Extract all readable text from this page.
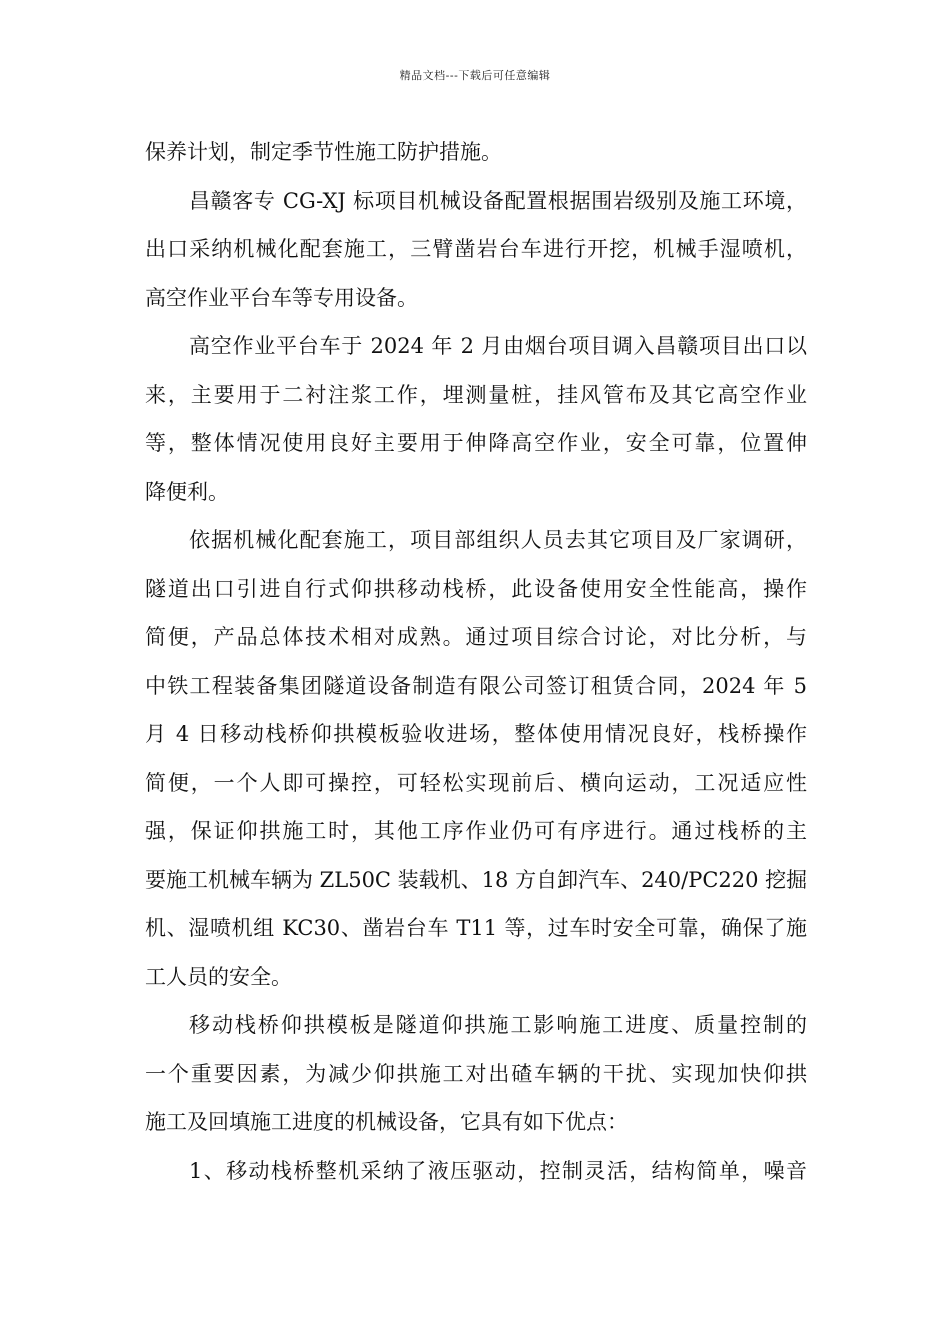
精品文档---下载后可任意编辑
保养计划，制定季节性施工防护措施。
昌赣客专 CG-XJ 标项目机械设备配置根据围岩级别及施工环境，
出口采纳机械化配套施工，三臂凿岩台车进行开挖，机械手湿喷机，
高空作业平台车等专用设备。
高空作业平台车于 2024 年 2 月由烟台项目调入昌赣项目出口以
来，主要用于二衬注浆工作，埋测量桩，挂风管布及其它高空作业
等，整体情况使用良好主要用于伸降高空作业，安全可靠，位置伸
降便利。
依据机械化配套施工，项目部组织人员去其它项目及厂家调研，
隧道出口引进自行式仰拱移动栈桥，此设备使用安全性能高，操作
简便，产品总体技术相对成熟。通过项目综合讨论，对比分析，与
中铁工程装备集团隧道设备制造有限公司签订租赁合同，2024 年 5
月 4 日移动栈桥仰拱模板验收进场，整体使用情况良好，栈桥操作
简便，一个人即可操控，可轻松实现前后、横向运动，工况适应性
强，保证仰拱施工时，其他工序作业仍可有序进行。通过栈桥的主
要施工机械车辆为 ZL50C 装载机、18 方自卸汽车、240/PC220 挖掘
机、湿喷机组 KC30、凿岩台车 T11 等，过车时安全可靠，确保了施
工人员的安全。
移动栈桥仰拱模板是隧道仰拱施工影响施工进度、质量控制的
一个重要因素，为减少仰拱施工对出碴车辆的干扰、实现加快仰拱
施工及回填施工进度的机械设备，它具有如下优点：
1、移动栈桥整机采纳了液压驱动，控制灵活，结构简单，噪音
